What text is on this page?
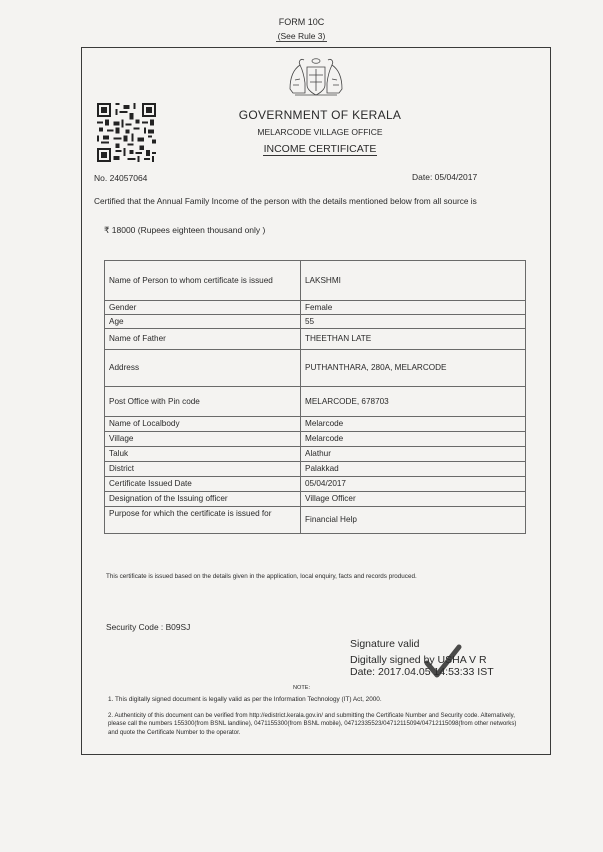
FORM 10C
(See Rule 3)
GOVERNMENT OF KERALA
MELARCODE VILLAGE OFFICE
INCOME CERTIFICATE
No. 24057064	Date: 05/04/2017
Certified that the Annual Family Income of the person with the details mentioned below from all source is
₹ 18000 (Rupees eighteen thousand only )
Name of Person to whom certificate is issued	LAKSHMI
Gender	Female
Age	55
Name of Father	THEETHAN LATE
Address	PUTHANTHARA, 280A, MELARCODE
Post Office with Pin code	MELARCODE, 678703
Name of Localbody	Melarcode
Village	Melarcode
Taluk	Alathur
District	Palakkad
Certificate Issued Date	05/04/2017
Designation of the Issuing officer	Village Officer
Purpose for which the certificate is issued for	Financial Help
This certificate is issued based on the details given in the application, local enquiry, facts and records produced.
Security Code : B09SJ
Signature valid
Digitally signed by USHA V R
Date: 2017.04.05 14:53:33 IST
NOTE:
1. This digitally signed document is legally valid as per the Information Technology (IT) Act, 2000.
2. Authenticity of this document can be verified from http://edistrict.kerala.gov.in/ and submitting the Certificate Number and Security code. Alternatively, please call the numbers 155300(from BSNL landline), 0471155300(from BSNL mobile), 04712335523/04712115094/04712115098(from other networks) and quote the Certificate Number to the operator.
